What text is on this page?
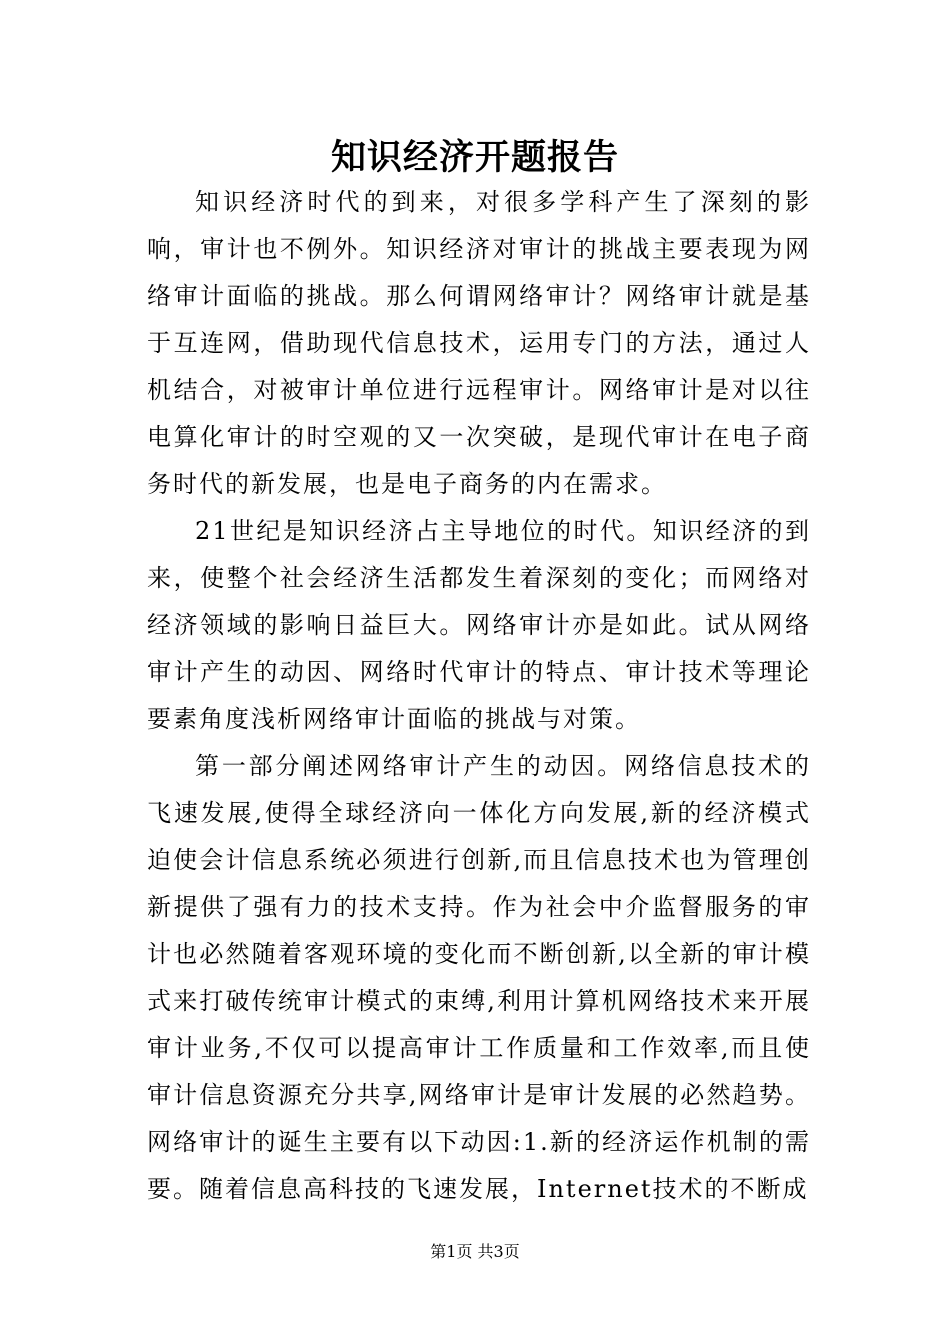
知识经济开题报告

知识经济时代的到来，对很多学科产生了深刻的影响，审计也不例外。知识经济对审计的挑战主要表现为网络审计面临的挑战。那么何谓网络审计？网络审计就是基于互连网，借助现代信息技术，运用专门的方法，通过人机结合，对被审计单位进行远程审计。网络审计是对以往电算化审计的时空观的又一次突破，是现代审计在电子商务时代的新发展，也是电子商务的内在需求。

21世纪是知识经济占主导地位的时代。知识经济的到来，使整个社会经济生活都发生着深刻的变化；而网络对经济领域的影响日益巨大。网络审计亦是如此。试从网络审计产生的动因、网络时代审计的特点、审计技术等理论要素角度浅析网络审计面临的挑战与对策。

第一部分阐述网络审计产生的动因。网络信息技术的飞速发展,使得全球经济向一体化方向发展,新的经济模式迫使会计信息系统必须进行创新,而且信息技术也为管理创新提供了强有力的技术支持。作为社会中介监督服务的审计也必然随着客观环境的变化而不断创新,以全新的审计模式来打破传统审计模式的束缚,利用计算机网络技术来开展审计业务,不仅可以提高审计工作质量和工作效率,而且使审计信息资源充分共享,网络审计是审计发展的必然趋势。网络审计的诞生主要有以下动因:1.新的经济运作机制的需要。随着信息高科技的飞速发展，Internet技术的不断成

第1页 共3页
